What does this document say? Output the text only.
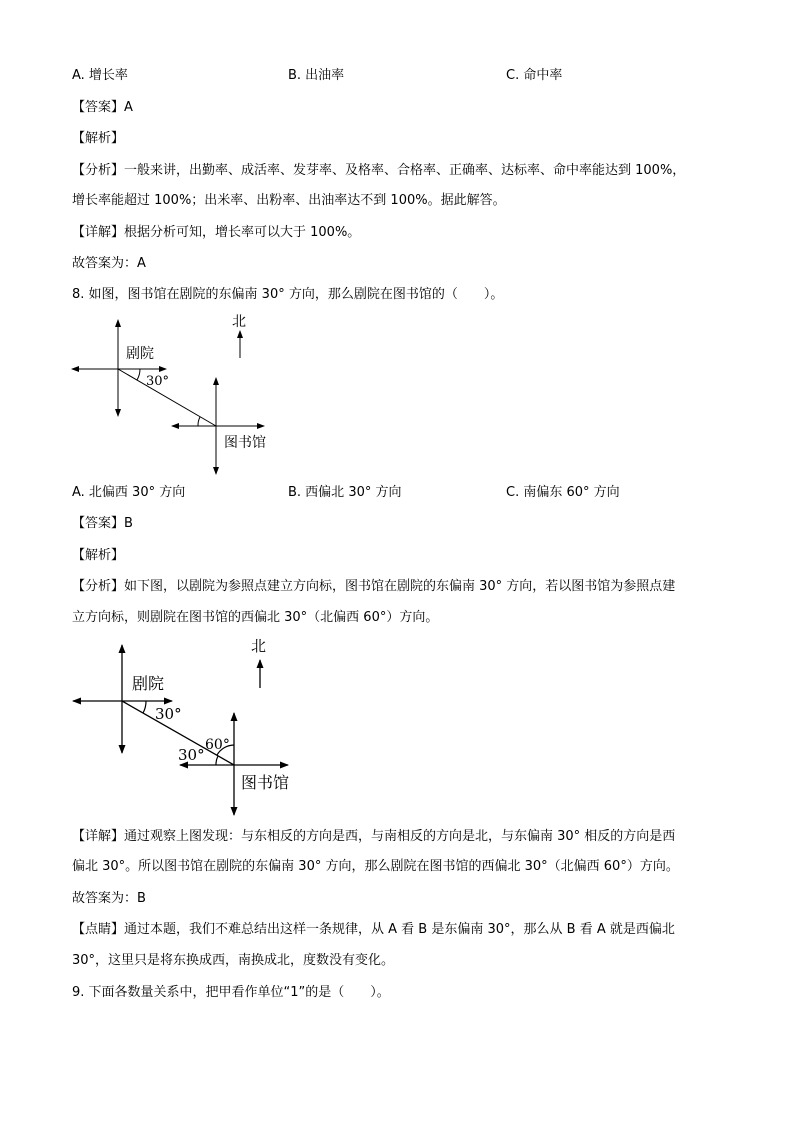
A. 增长率	B. 出油率	C. 命中率
【答案】A
【解析】
【分析】一般来讲，出勤率、成活率、发芽率、及格率、合格率、正确率、达标率、命中率能达到 100%，
增长率能超过 100%；出米率、出粉率、出油率达不到 100%。据此解答。
【详解】根据分析可知，增长率可以大于 100%。
故答案为：A
8. 如图，图书馆在剧院的东偏南 30° 方向，那么剧院在图书馆的（　　）。
北
剧院
30°
图书馆
A. 北偏西 30° 方向	B. 西偏北 30° 方向	C. 南偏东 60° 方向
【答案】B
【解析】
【分析】如下图，以剧院为参照点建立方向标，图书馆在剧院的东偏南 30° 方向，若以图书馆为参照点建
立方向标，则剧院在图书馆的西偏北 30°（北偏西 60°）方向。
北
剧院
30°
60°
30°
图书馆
【详解】通过观察上图发现：与东相反的方向是西，与南相反的方向是北，与东偏南 30° 相反的方向是西
偏北 30°。所以图书馆在剧院的东偏南 30° 方向，那么剧院在图书馆的西偏北 30°（北偏西 60°）方向。
故答案为：B
【点睛】通过本题，我们不难总结出这样一条规律，从 A 看 B 是东偏南 30°，那么从 B 看 A 就是西偏北
30°，这里只是将东换成西，南换成北，度数没有变化。
9. 下面各数量关系中，把甲看作单位“1”的是（　　）。
